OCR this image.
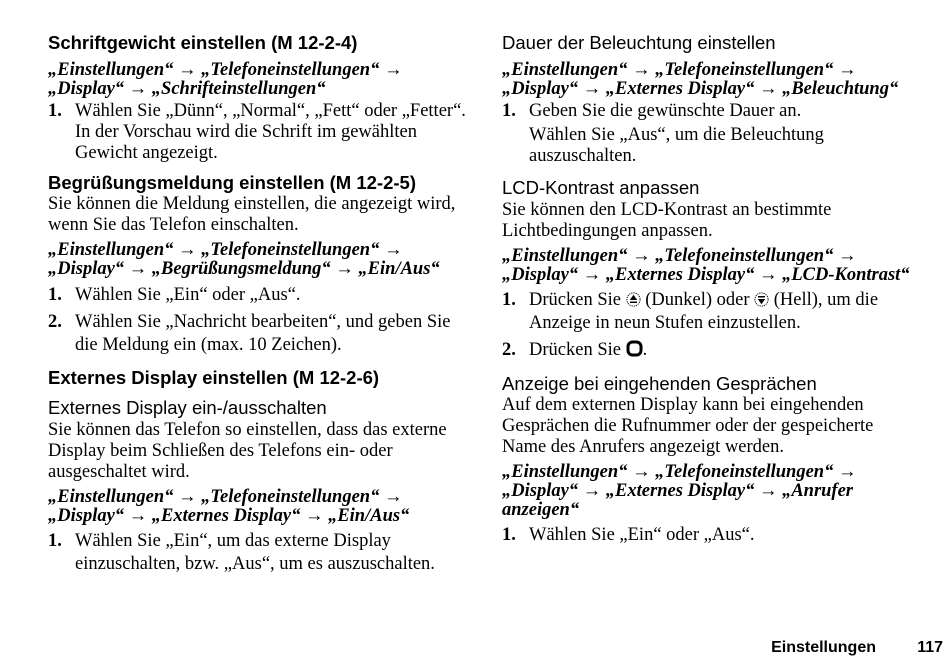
Schriftgewicht einstellen (M 12-2-4)
„Einstellungen“ → „Telefoneinstellungen“ →
„Display“ → „Schrifteinstellungen“
1. Wählen Sie „Dünn“, „Normal“, „Fett“ oder „Fetter“.
In der Vorschau wird die Schrift im gewählten
Gewicht angezeigt.
Begrüßungsmeldung einstellen (M 12-2-5)
Sie können die Meldung einstellen, die angezeigt wird,
wenn Sie das Telefon einschalten.
„Einstellungen“ → „Telefoneinstellungen“ →
„Display“ → „Begrüßungsmeldung“ → „Ein/Aus“
1. Wählen Sie „Ein“ oder „Aus“.
2. Wählen Sie „Nachricht bearbeiten“, und geben Sie
die Meldung ein (max. 10 Zeichen).
Externes Display einstellen (M 12-2-6)
Externes Display ein-/ausschalten
Sie können das Telefon so einstellen, dass das externe
Display beim Schließen des Telefons ein- oder
ausgeschaltet wird.
„Einstellungen“ → „Telefoneinstellungen“ →
„Display“ → „Externes Display“ → „Ein/Aus“
1. Wählen Sie „Ein“, um das externe Display
einzuschalten, bzw. „Aus“, um es auszuschalten.
Dauer der Beleuchtung einstellen
„Einstellungen“ → „Telefoneinstellungen“ →
„Display“ → „Externes Display“ → „Beleuchtung“
1. Geben Sie die gewünschte Dauer an.
Wählen Sie „Aus“, um die Beleuchtung
auszuschalten.
LCD-Kontrast anpassen
Sie können den LCD-Kontrast an bestimmte
Lichtbedingungen anpassen.
„Einstellungen“ → „Telefoneinstellungen“ →
„Display“ → „Externes Display“ → „LCD-Kontrast“
1. Drücken Sie (Dunkel) oder (Hell), um die
Anzeige in neun Stufen einzustellen.
2. Drücken Sie .
Anzeige bei eingehenden Gesprächen
Auf dem externen Display kann bei eingehenden
Gesprächen die Rufnummer oder der gespeicherte
Name des Anrufers angezeigt werden.
„Einstellungen“ → „Telefoneinstellungen“ →
„Display“ → „Externes Display“ → „Anrufer
anzeigen“
1. Wählen Sie „Ein“ oder „Aus“.
Einstellungen	117
